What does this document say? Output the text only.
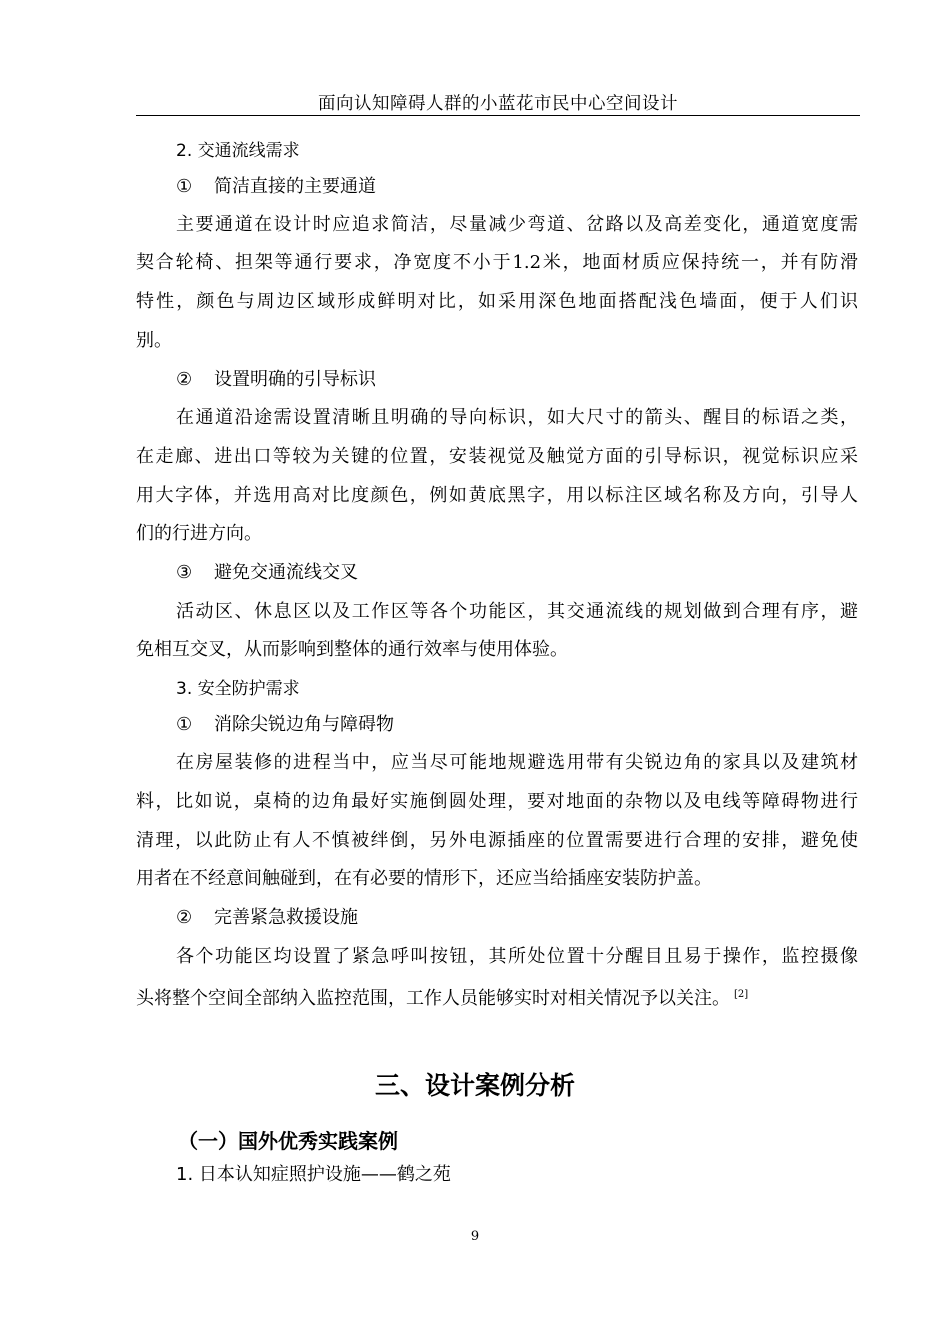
面向认知障碍人群的小蓝花市民中心空间设计
2. 交通流线需求
① 简洁直接的主要通道
主要通道在设计时应追求简洁，尽量减少弯道、岔路以及高差变化，通道宽度需
契合轮椅、担架等通行要求，净宽度不小于1.2米，地面材质应保持统一，并有防滑
特性，颜色与周边区域形成鲜明对比，如采用深色地面搭配浅色墙面，便于人们识
别。
② 设置明确的引导标识
在通道沿途需设置清晰且明确的导向标识，如大尺寸的箭头、醒目的标语之类，
在走廊、进出口等较为关键的位置，安装视觉及触觉方面的引导标识，视觉标识应采
用大字体，并选用高对比度颜色，例如黄底黑字，用以标注区域名称及方向，引导人
们的行进方向。
③ 避免交通流线交叉
活动区、休息区以及工作区等各个功能区，其交通流线的规划做到合理有序，避
免相互交叉，从而影响到整体的通行效率与使用体验。
3. 安全防护需求
① 消除尖锐边角与障碍物
在房屋装修的进程当中，应当尽可能地规避选用带有尖锐边角的家具以及建筑材
料，比如说，桌椅的边角最好实施倒圆处理，要对地面的杂物以及电线等障碍物进行
清理，以此防止有人不慎被绊倒，另外电源插座的位置需要进行合理的安排，避免使
用者在不经意间触碰到，在有必要的情形下，还应当给插座安装防护盖。
② 完善紧急救援设施
各个功能区均设置了紧急呼叫按钮，其所处位置十分醒目且易于操作，监控摄像
头将整个空间全部纳入监控范围，工作人员能够实时对相关情况予以关注。 [2]
三、设计案例分析
（一）国外优秀实践案例
1. 日本认知症照护设施——鹤之苑
9
